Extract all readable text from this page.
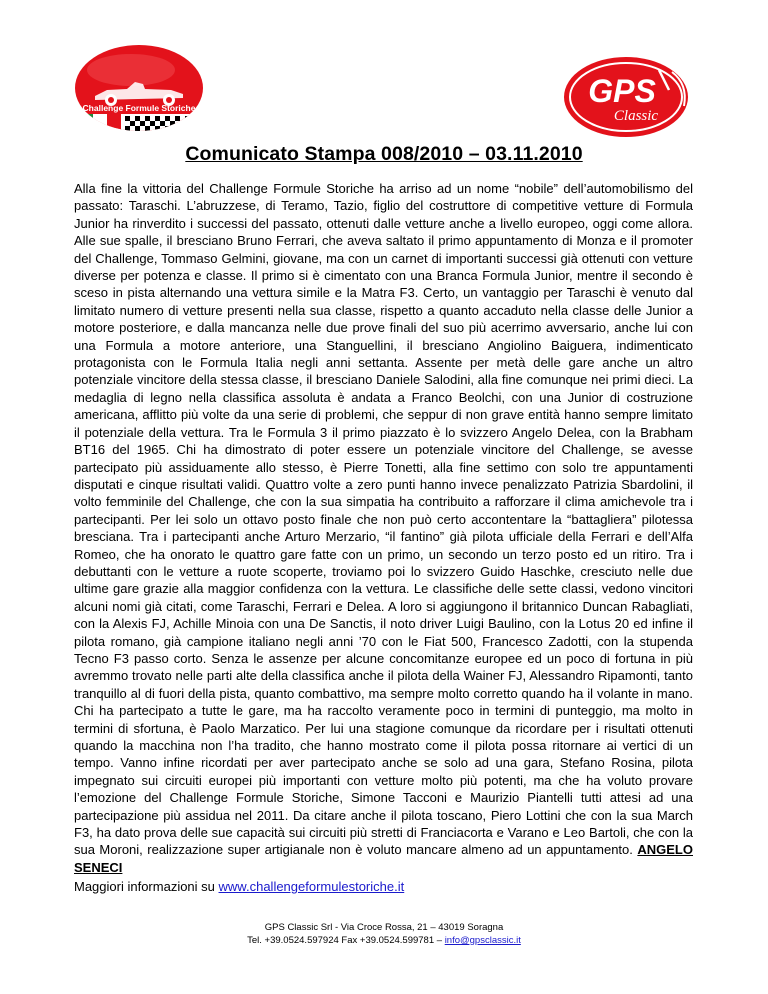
Challenge Formule Storiche	GPS
Classic
Comunicato Stampa 008/2010 – 03.11.2010
Alla fine la vittoria del Challenge Formule Storiche ha arriso ad un nome “nobile” dell’automobilismo del passato: Taraschi. L’abruzzese, di Teramo, Tazio, figlio del costruttore di competitive vetture di Formula Junior ha rinverdito i successi del passato, ottenuti dalle vetture anche a livello europeo, oggi come allora. Alle sue spalle, il bresciano Bruno Ferrari, che aveva saltato il primo appuntamento di Monza e il promoter del Challenge, Tommaso Gelmini, giovane, ma con un carnet di importanti successi già ottenuti con vetture diverse per potenza e classe. Il primo si è cimentato con una Branca Formula Junior, mentre il secondo è sceso in pista alternando una vettura simile e la Matra F3. Certo, un vantaggio per Taraschi è venuto dal limitato numero di vetture presenti nella sua classe, rispetto a quanto accaduto nella classe delle Junior a motore posteriore, e dalla mancanza nelle due prove finali del suo più acerrimo avversario, anche lui con una Formula a motore anteriore, una Stanguellini, il bresciano Angiolino Baiguera, indimenticato protagonista con le Formula Italia negli anni settanta. Assente per metà delle gare anche un altro potenziale vincitore della stessa classe, il bresciano Daniele Salodini, alla fine comunque nei primi dieci. La medaglia di legno nella classifica assoluta è andata a Franco Beolchi, con una Junior di costruzione americana, afflitto più volte da una serie di problemi, che seppur di non grave entità hanno sempre limitato il potenziale della vettura. Tra le Formula 3 il primo piazzato è lo svizzero Angelo Delea, con la Brabham BT16 del 1965. Chi ha dimostrato di poter essere un potenziale vincitore del Challenge, se avesse partecipato più assiduamente allo stesso, è Pierre Tonetti, alla fine settimo con solo tre appuntamenti disputati e cinque risultati validi. Quattro volte a zero punti hanno invece penalizzato Patrizia Sbardolini, il volto femminile del Challenge, che con la sua simpatia ha contribuito a rafforzare il clima amichevole tra i partecipanti. Per lei solo un ottavo posto finale che non può certo accontentare la “battagliera” pilotessa bresciana. Tra i partecipanti anche Arturo Merzario, “il fantino” già pilota ufficiale della Ferrari e dell’Alfa Romeo, che ha onorato le quattro gare fatte con un primo, un secondo un terzo posto ed un ritiro. Tra i debuttanti con le vetture a ruote scoperte, troviamo poi lo svizzero Guido Haschke, cresciuto nelle due ultime gare grazie alla maggior confidenza con la vettura. Le classifiche delle sette classi, vedono vincitori alcuni nomi già citati, come Taraschi, Ferrari e Delea. A loro si aggiungono il britannico Duncan Rabagliati, con la Alexis FJ, Achille Minoia con una De Sanctis, il noto driver Luigi Baulino, con la Lotus 20 ed infine il pilota romano, già campione italiano negli anni ’70 con le Fiat 500, Francesco Zadotti, con la stupenda Tecno F3 passo corto. Senza le assenze per alcune concomitanze europee ed un poco di fortuna in più avremmo trovato nelle parti alte della classifica anche il pilota della Wainer FJ, Alessandro Ripamonti, tanto tranquillo al di fuori della pista, quanto combattivo, ma sempre molto corretto quando ha il volante in mano. Chi ha partecipato a tutte le gare, ma ha raccolto veramente poco in termini di punteggio, ma molto in termini di sfortuna, è Paolo Marzatico. Per lui una stagione comunque da ricordare per i risultati ottenuti quando la macchina non l’ha tradito, che hanno mostrato come il pilota possa ritornare ai vertici di un tempo. Vanno infine ricordati per aver partecipato anche se solo ad una gara, Stefano Rosina, pilota impegnato sui circuiti europei più importanti con vetture molto più potenti, ma che ha voluto provare l’emozione del Challenge Formule Storiche, Simone Tacconi e Maurizio Piantelli tutti attesi ad una partecipazione più assidua nel 2011. Da citare anche il pilota toscano, Piero Lottini che con la sua March F3, ha dato prova delle sue capacità sui circuiti più stretti di Franciacorta e Varano e Leo Bartoli, che con la sua Moroni, realizzazione super artigianale non è voluto mancare almeno ad un appuntamento. ANGELO SENECI
Maggiori informazioni su www.challengeformulestoriche.it
GPS Classic Srl - Via Croce Rossa, 21 – 43019 Soragna
Tel. +39.0524.597924 Fax +39.0524.599781 – info@gpsclassic.it
